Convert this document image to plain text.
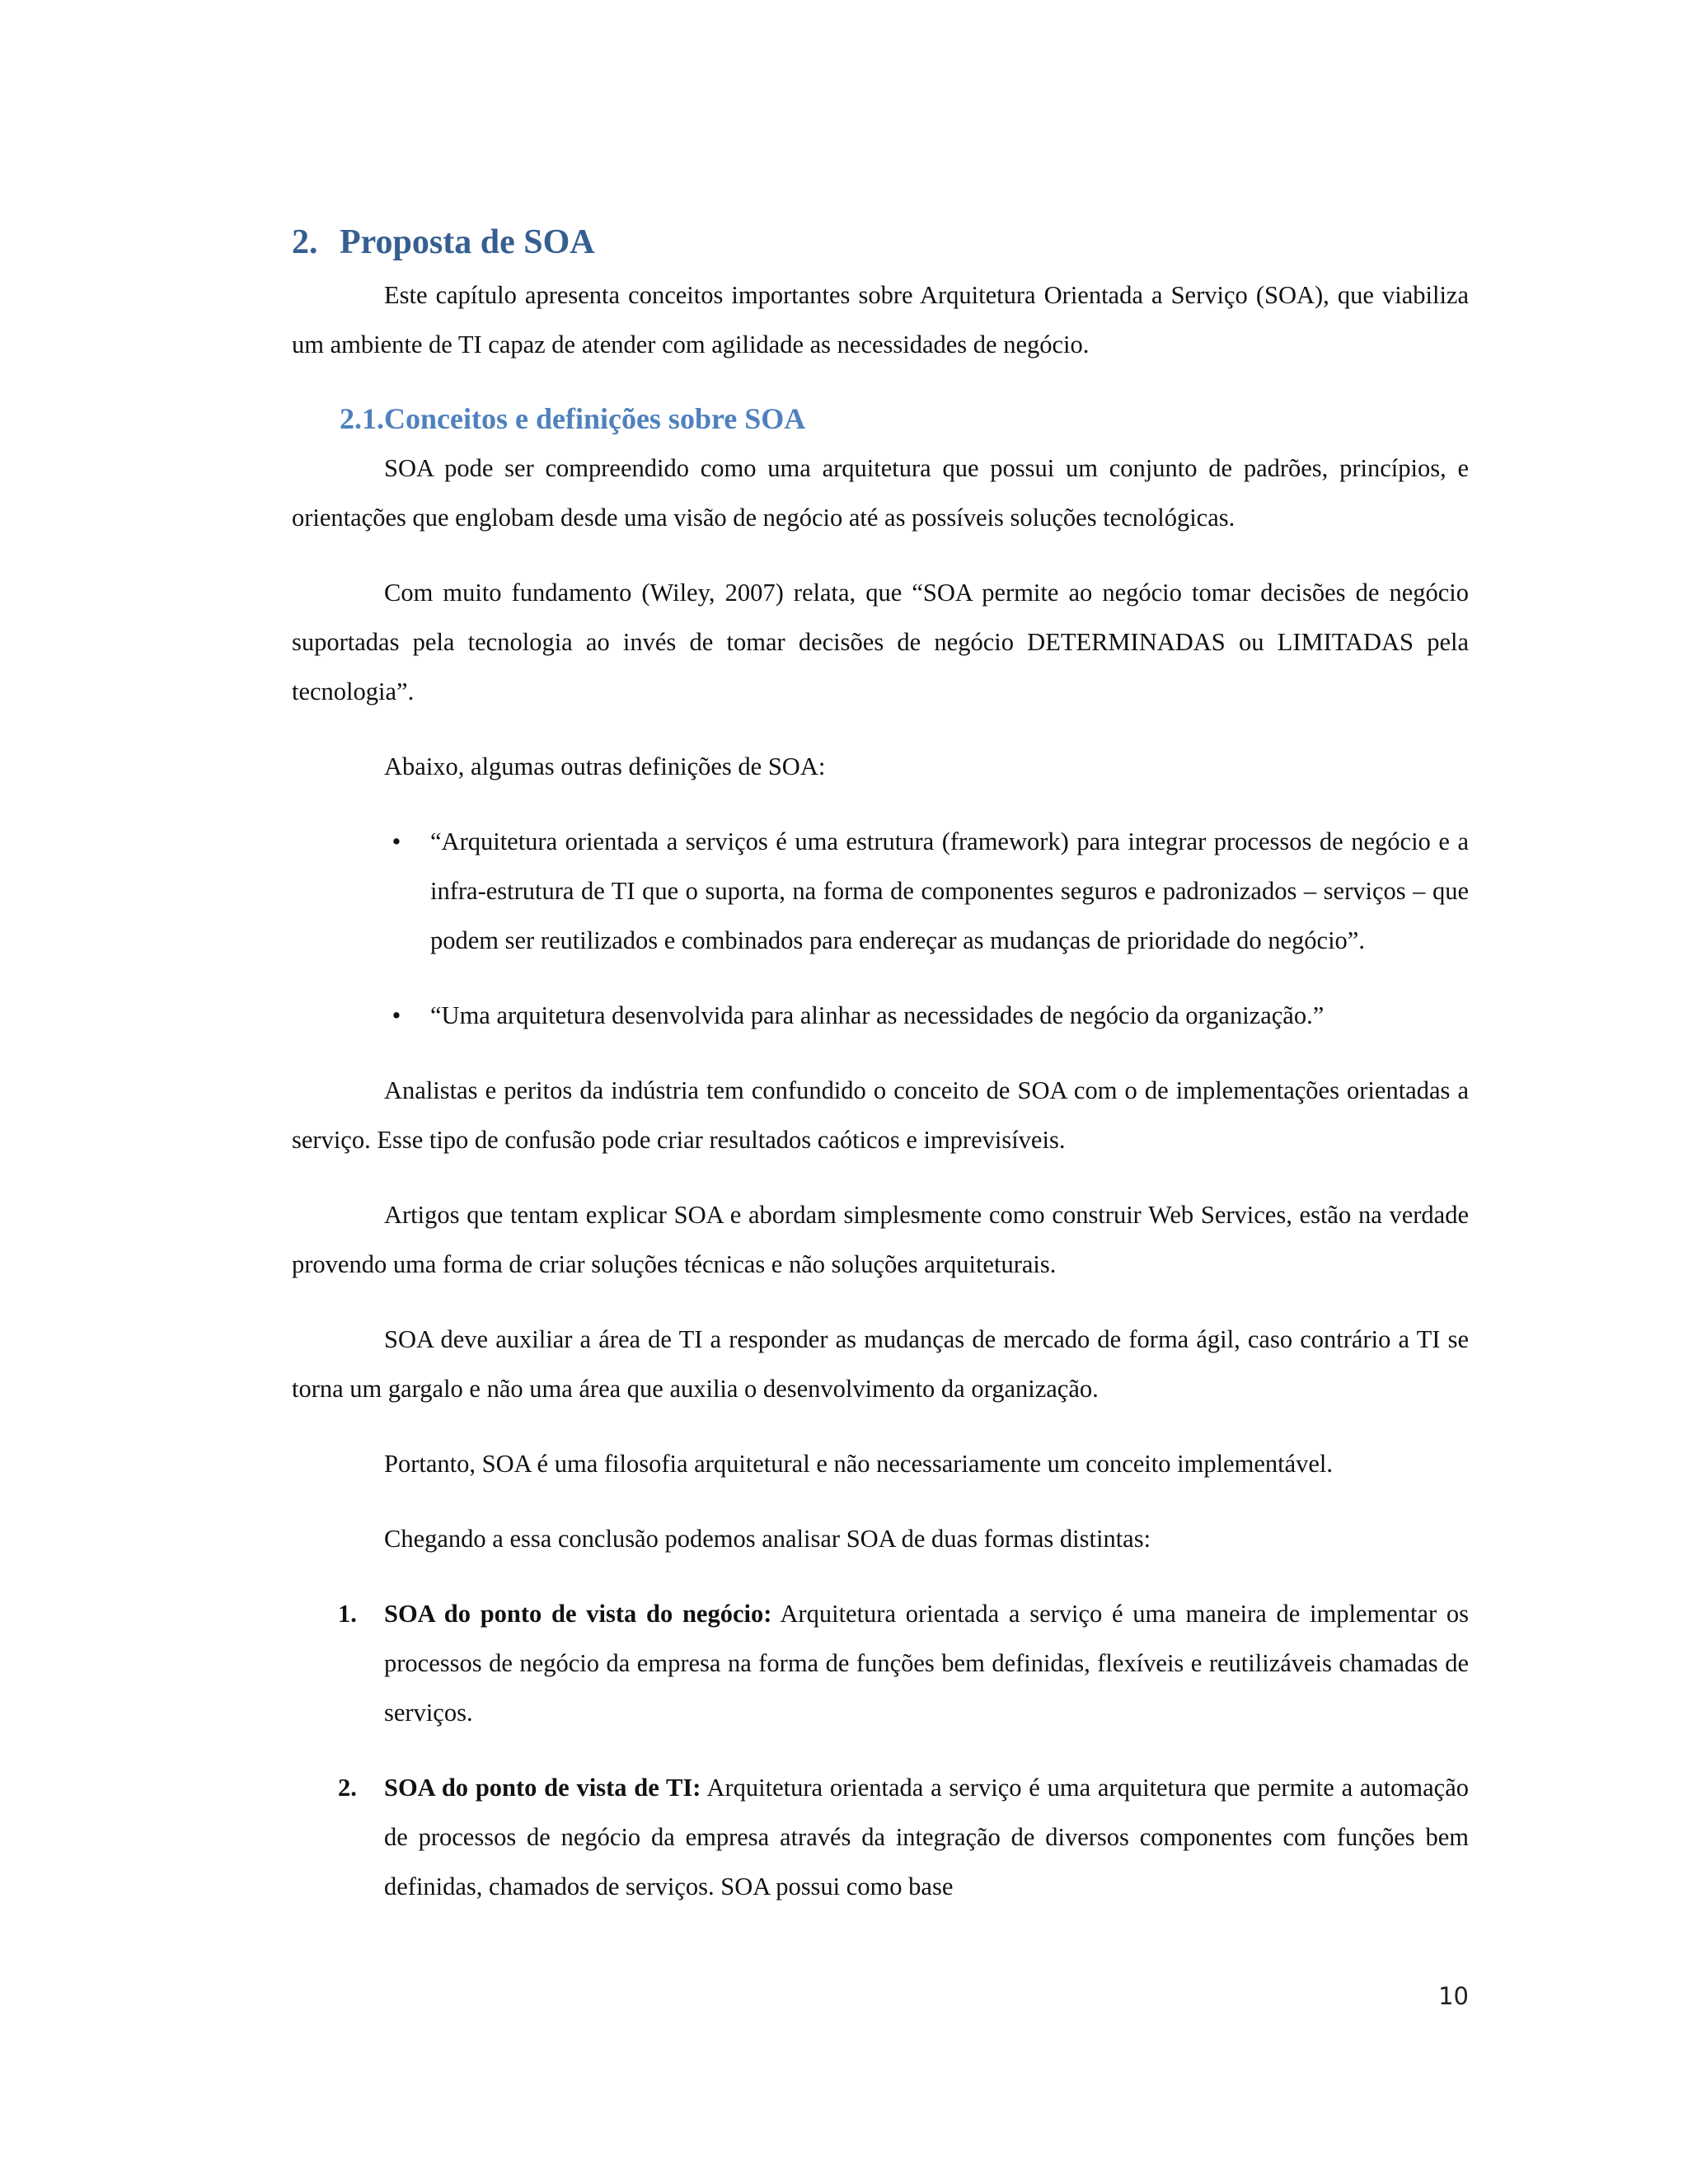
2. Proposta de SOA

Este capítulo apresenta conceitos importantes sobre Arquitetura Orientada a Serviço (SOA), que viabiliza um ambiente de TI capaz de atender com agilidade as necessidades de negócio.

2.1.Conceitos e definições sobre SOA

SOA pode ser compreendido como uma arquitetura que possui um conjunto de padrões, princípios, e orientações que englobam desde uma visão de negócio até as possíveis soluções tecnológicas.

Com muito fundamento (Wiley, 2007) relata, que “SOA permite ao negócio tomar decisões de negócio suportadas pela tecnologia ao invés de tomar decisões de negócio DETERMINADAS ou LIMITADAS pela tecnologia”.

Abaixo, algumas outras definições de SOA:

•	“Arquitetura orientada a serviços é uma estrutura (framework) para integrar processos de negócio e a infra-estrutura de TI que o suporta, na forma de componentes seguros e padronizados – serviços – que podem ser reutilizados e combinados para endereçar as mudanças de prioridade do negócio”.
•	“Uma arquitetura desenvolvida para alinhar as necessidades de negócio da organização.”

Analistas e peritos da indústria tem confundido o conceito de SOA com o de implementações orientadas a serviço. Esse tipo de confusão pode criar resultados caóticos e imprevisíveis.

Artigos que tentam explicar SOA e abordam simplesmente como construir Web Services, estão na verdade provendo uma forma de criar soluções técnicas e não soluções arquiteturais.

SOA deve auxiliar a área de TI a responder as mudanças de mercado de forma ágil, caso contrário a TI se torna um gargalo e não uma área que auxilia o desenvolvimento da organização.

Portanto, SOA é uma filosofia arquitetural e não necessariamente um conceito implementável.

Chegando a essa conclusão podemos analisar SOA de duas formas distintas:

1. SOA do ponto de vista do negócio: Arquitetura orientada a serviço é uma maneira de implementar os processos de negócio da empresa na forma de funções bem definidas, flexíveis e reutilizáveis chamadas de serviços.
2. SOA do ponto de vista de TI: Arquitetura orientada a serviço é uma arquitetura que permite a automação de processos de negócio da empresa através da integração de diversos componentes com funções bem definidas, chamados de serviços. SOA possui como base
10
